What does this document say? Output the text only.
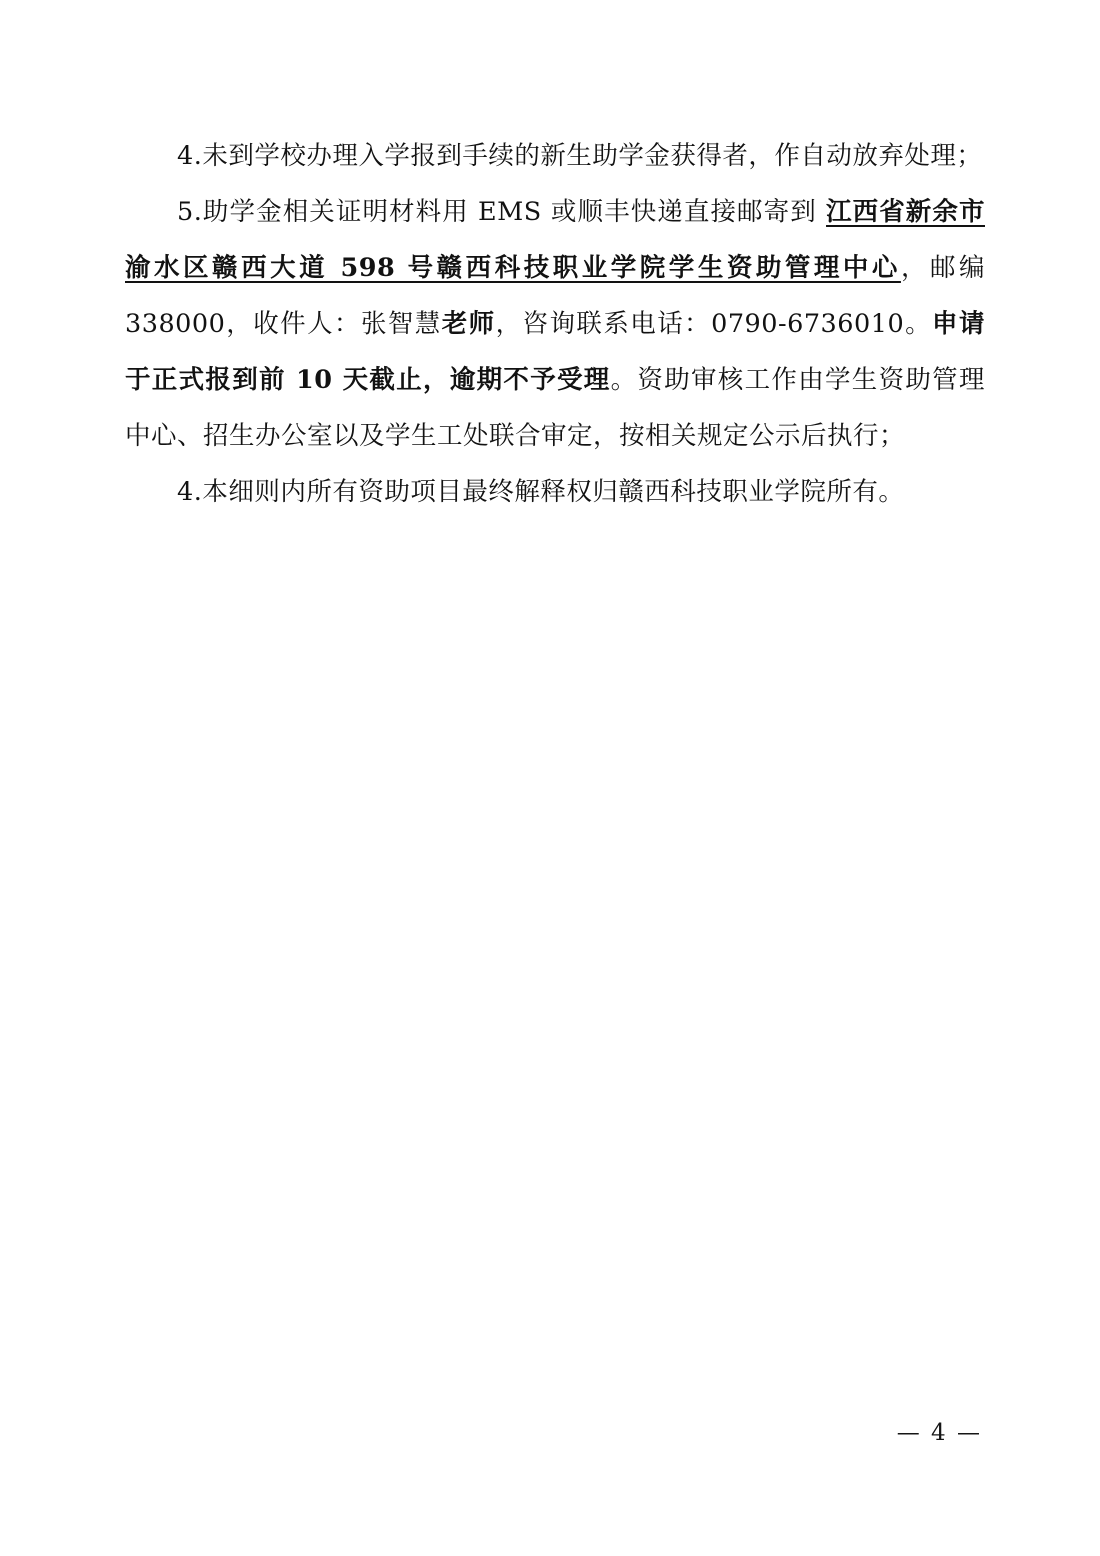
4.未到学校办理入学报到手续的新生助学金获得者，作自动放弃处理；

5.助学金相关证明材料用 EMS 或顺丰快递直接邮寄到 江西省新余市渝水区赣西大道 598 号赣西科技职业学院学生资助管理中心，邮编 338000，收件人：张智慧老师，咨询联系电话：0790-6736010。申请于正式报到前 10 天截止，逾期不予受理。资助审核工作由学生资助管理中心、招生办公室以及学生工处联合审定，按相关规定公示后执行；

4.本细则内所有资助项目最终解释权归赣西科技职业学院所有。

— 4 —
